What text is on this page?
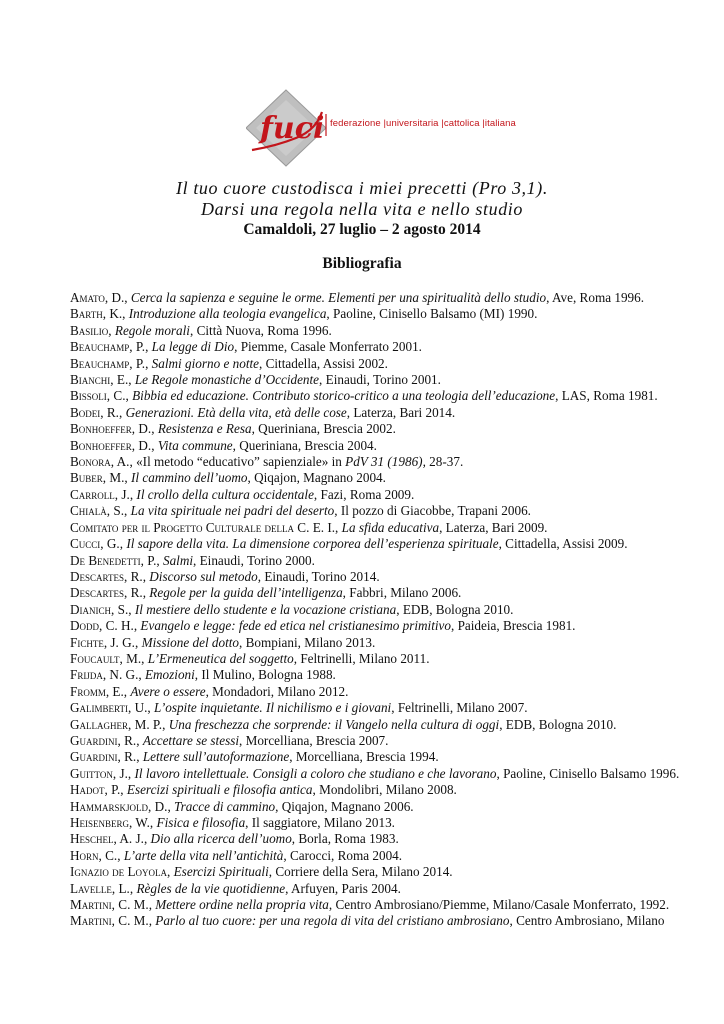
fuci federazione |universitaria |cattolica |italiana
Il tuo cuore custodisca i miei precetti (Pro 3,1).
Darsi una regola nella vita e nello studio
Camaldoli, 27 luglio – 2 agosto 2014
Bibliografia
Amato, D., Cerca la sapienza e seguine le orme. Elementi per una spiritualità dello studio, Ave, Roma 1996.
Barth, K., Introduzione alla teologia evangelica, Paoline, Cinisello Balsamo (MI) 1990.
Basilio, Regole morali, Città Nuova, Roma 1996.
Beauchamp, P., La legge di Dio, Piemme, Casale Monferrato 2001.
Beauchamp, P., Salmi giorno e notte, Cittadella, Assisi 2002.
Bianchi, E., Le Regole monastiche d’Occidente, Einaudi, Torino 2001.
Bissoli, C., Bibbia ed educazione. Contributo storico-critico a una teologia dell’educazione, LAS, Roma 1981.
Bodei, R., Generazioni. Età della vita, età delle cose, Laterza, Bari 2014.
Bonhoeffer, D., Resistenza e Resa, Queriniana, Brescia 2002.
Bonhoeffer, D., Vita commune, Queriniana, Brescia 2004.
Bonora, A., «Il metodo “educativo” sapienziale» in PdV 31 (1986), 28-37.
Buber, M., Il cammino dell’uomo, Qiqajon, Magnano 2004.
Carroll, J., Il crollo della cultura occidentale, Fazi, Roma 2009.
Chialà, S., La vita spirituale nei padri del deserto, Il pozzo di Giacobbe, Trapani 2006.
Comitato per il Progetto Culturale della C. E. I., La sfida educativa, Laterza, Bari 2009.
Cucci, G., Il sapore della vita. La dimensione corporea dell’esperienza spirituale, Cittadella, Assisi 2009.
De Benedetti, P., Salmi, Einaudi, Torino 2000.
Descartes, R., Discorso sul metodo, Einaudi, Torino 2014.
Descartes, R., Regole per la guida dell’intelligenza, Fabbri, Milano 2006.
Dianich, S., Il mestiere dello studente e la vocazione cristiana, EDB, Bologna 2010.
Dodd, C. H., Evangelo e legge: fede ed etica nel cristianesimo primitivo, Paideia, Brescia 1981.
Fichte, J. G., Missione del dotto, Bompiani, Milano 2013.
Foucault, M., L’Ermeneutica del soggetto, Feltrinelli, Milano 2011.
Frijda, N. G., Emozioni, Il Mulino, Bologna 1988.
Fromm, E., Avere o essere, Mondadori, Milano 2012.
Galimberti, U., L’ospite inquietante. Il nichilismo e i giovani, Feltrinelli, Milano 2007.
Gallagher, M. P., Una freschezza che sorprende: il Vangelo nella cultura di oggi, EDB, Bologna 2010.
Guardini, R., Accettare se stessi, Morcelliana, Brescia 2007.
Guardini, R., Lettere sull’autoformazione, Morcelliana, Brescia 1994.
Guitton, J., Il lavoro intellettuale. Consigli a coloro che studiano e che lavorano, Paoline, Cinisello Balsamo 1996.
Hadot, P., Esercizi spirituali e filosofia antica, Mondolibri, Milano 2008.
Hammarskjold, D., Tracce di cammino, Qiqajon, Magnano 2006.
Heisenberg, W., Fisica e filosofia, Il saggiatore, Milano 2013.
Heschel, A. J., Dio alla ricerca dell’uomo, Borla, Roma 1983.
Horn, C., L’arte della vita nell’antichità, Carocci, Roma 2004.
Ignazio de Loyola, Esercizi Spirituali, Corriere della Sera, Milano 2014.
Lavelle, L., Règles de la vie quotidienne, Arfuyen, Paris 2004.
Martini, C. M., Mettere ordine nella propria vita, Centro Ambrosiano/Piemme, Milano/Casale Monferrato, 1992.
Martini, C. M., Parlo al tuo cuore: per una regola di vita del cristiano ambrosiano, Centro Ambrosiano, Milano
